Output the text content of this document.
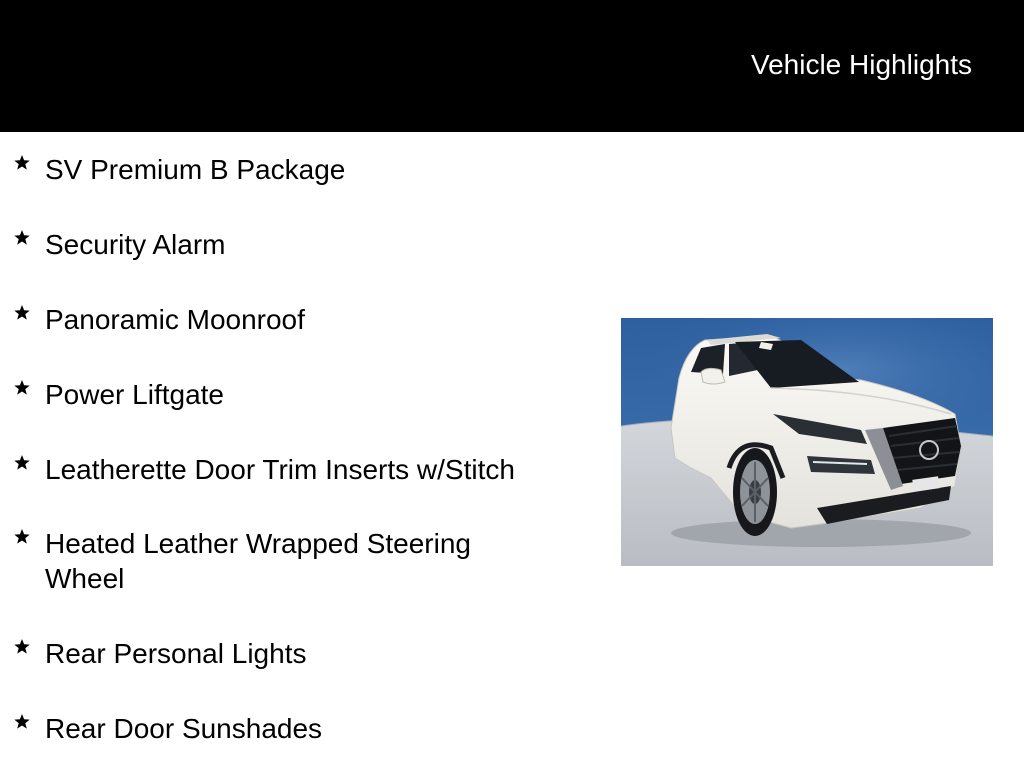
Vehicle Highlights
SV Premium B Package
Security Alarm
Panoramic Moonroof
Power Liftgate
Leatherette Door Trim Inserts w/Stitch
Heated Leather Wrapped Steering Wheel
Rear Personal Lights
Rear Door Sunshades
